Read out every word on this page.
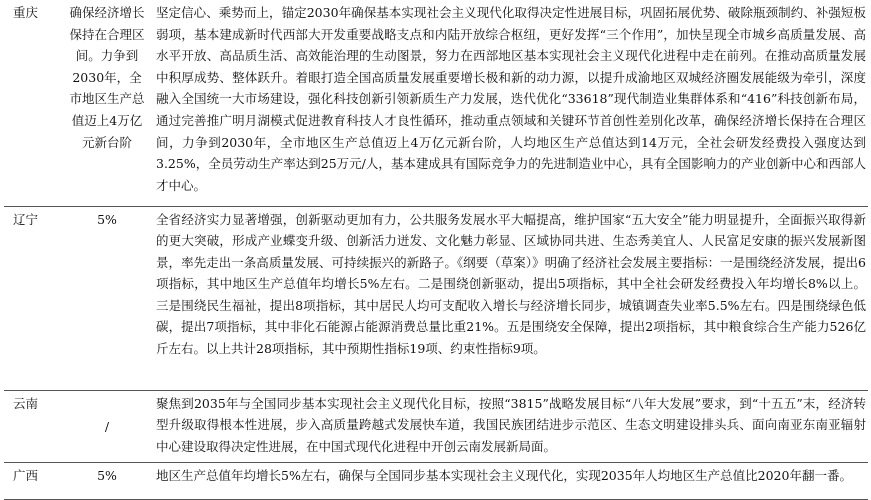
重庆	确保经济增长保持在合理区间。力争到2030年，全市地区生产总值迈上4万亿元新台阶	坚定信心、乘势而上，锚定2030年确保基本实现社会主义现代化取得决定性进展目标，巩固拓展优势、破除瓶颈制约、补强短板弱项，基本建成新时代西部大开发重要战略支点和内陆开放综合枢纽，更好发挥“三个作用”，加快呈现全市城乡高质量发展、高水平开放、高品质生活、高效能治理的生动图景，努力在西部地区基本实现社会主义现代化进程中走在前列。在推动高质量发展中积厚成势、整体跃升。着眼打造全国高质量发展重要增长极和新的动力源，以提升成渝地区双城经济圈发展能级为牵引，深度融入全国统一大市场建设，强化科技创新引领新质生产力发展，迭代优化“33618”现代制造业集群体系和“416”科技创新布局，通过完善推广明月湖模式促进教育科技人才良性循环，推动重点领域和关键环节首创性差别化改革，确保经济增长保持在合理区间，力争到2030年，全市地区生产总值迈上4万亿元新台阶，人均地区生产总值达到14万元，全社会研发经费投入强度达到3.25%，全员劳动生产率达到25万元/人，基本建成具有国际竞争力的先进制造业中心，具有全国影响力的产业创新中心和西部人才中心。
辽宁	5%	全省经济实力显著增强，创新驱动更加有力，公共服务发展水平大幅提高，维护国家“五大安全”能力明显提升，全面振兴取得新的更大突破，形成产业蝶变升级、创新活力迸发、文化魅力彰显、区域协同共进、生态秀美宜人、人民富足安康的振兴发展新图景，率先走出一条高质量发展、可持续振兴的新路子。《纲要（草案）》明确了经济社会发展主要指标：一是围绕经济发展，提出6项指标，其中地区生产总值年均增长5%左右。二是围绕创新驱动，提出5项指标，其中全社会研发经费投入年均增长8%以上。三是围绕民生福祉，提出8项指标，其中居民人均可支配收入增长与经济增长同步，城镇调查失业率5.5%左右。四是围绕绿色低碳，提出7项指标，其中非化石能源占能源消费总量比重21%。五是围绕安全保障，提出2项指标，其中粮食综合生产能力526亿斤左右。以上共计28项指标，其中预期性指标19项、约束性指标9项。
云南	/	聚焦到2035年与全国同步基本实现社会主义现代化目标，按照“3815”战略发展目标“八年大发展”要求，到“十五五”末，经济转型升级取得根本性进展，步入高质量跨越式发展快车道，我国民族团结进步示范区、生态文明建设排头兵、面向南亚东南亚辐射中心建设取得决定性进展，在中国式现代化进程中开创云南发展新局面。
广西	5%	地区生产总值年均增长5%左右，确保与全国同步基本实现社会主义现代化，实现2035年人均地区生产总值比2020年翻一番。
